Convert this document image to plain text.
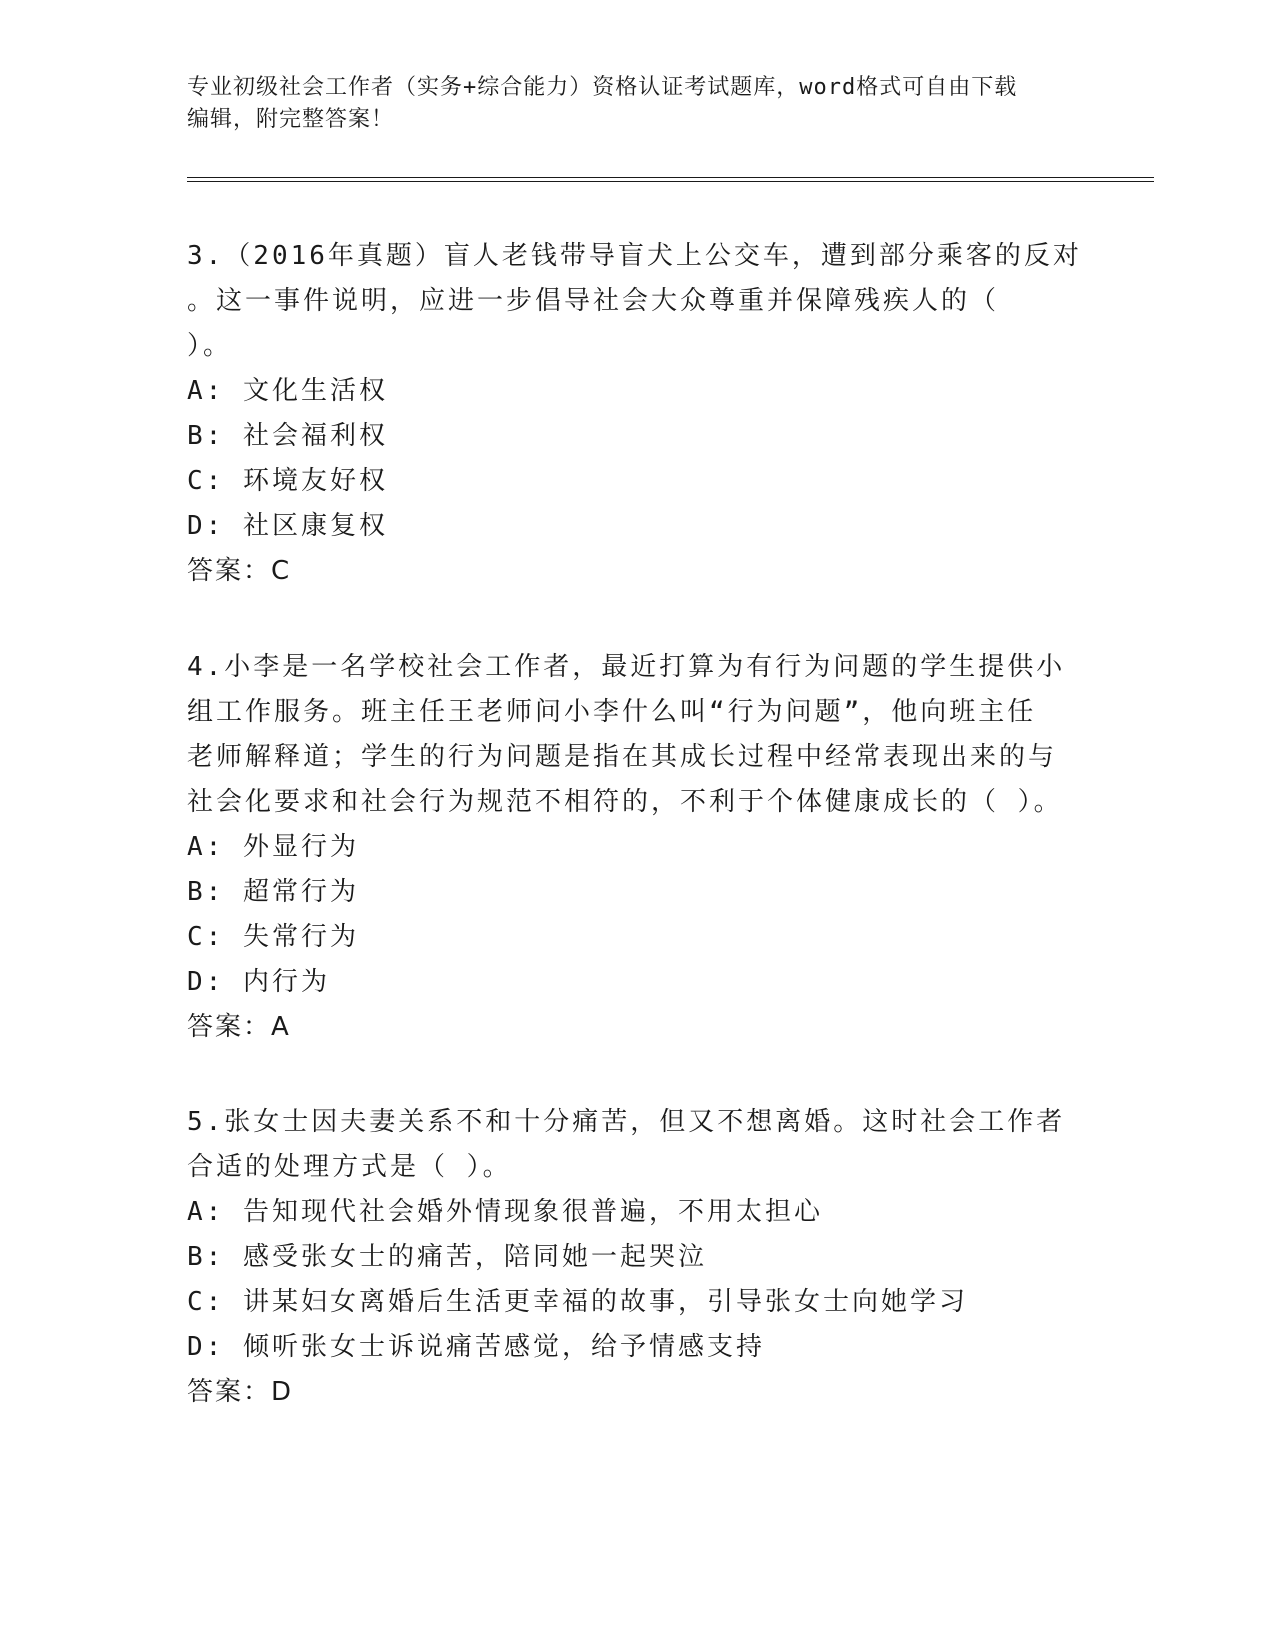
专业初级社会工作者（实务+综合能力）资格认证考试题库，word格式可自由下载
编辑，附完整答案！
3.（2016年真题）盲人老钱带导盲犬上公交车，遭到部分乘客的反对
。这一事件说明，应进一步倡导社会大众尊重并保障残疾人的（
）。
A: 文化生活权
B: 社会福利权
C: 环境友好权
D: 社区康复权
答案：C
4.小李是一名学校社会工作者，最近打算为有行为问题的学生提供小
组工作服务。班主任王老师问小李什么叫“行为问题”，他向班主任
老师解释道；学生的行为问题是指在其成长过程中经常表现出来的与
社会化要求和社会行为规范不相符的，不利于个体健康成长的（ ）。
A: 外显行为
B: 超常行为
C: 失常行为
D: 内行为
答案：A
5.张女士因夫妻关系不和十分痛苦，但又不想离婚。这时社会工作者
合适的处理方式是（ ）。
A: 告知现代社会婚外情现象很普遍，不用太担心
B: 感受张女士的痛苦，陪同她一起哭泣
C: 讲某妇女离婚后生活更幸福的故事，引导张女士向她学习
D: 倾听张女士诉说痛苦感觉，给予情感支持
答案：D
